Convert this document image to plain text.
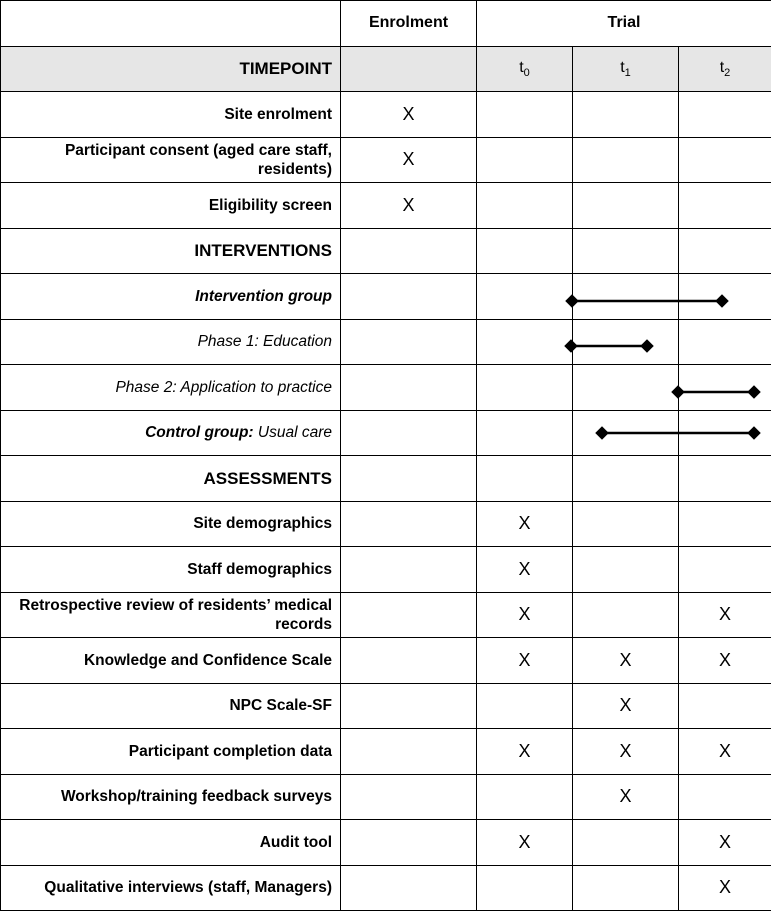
	Enrolment	Trial		
TIMEPOINT		$t_0$	$t_1$	$t_2$
Site enrolment	X			
Participant consent (aged care staff, residents)	X			
Eligibility screen	X			
INTERVENTIONS				
Intervention group				
Phase 1: Education				
Phase 2: Application to practice				
Control group: Usual care				
ASSESSMENTS				
Site demographics		X		
Staff demographics		X		
Retrospective review of residents’ medical records		X		X
Knowledge and Confidence Scale		X	X	X
NPC Scale-SF			X	
Participant completion data		X	X	X
Workshop/training feedback surveys			X	
Audit tool		X		X
Qualitative interviews (staff, Managers)				X
